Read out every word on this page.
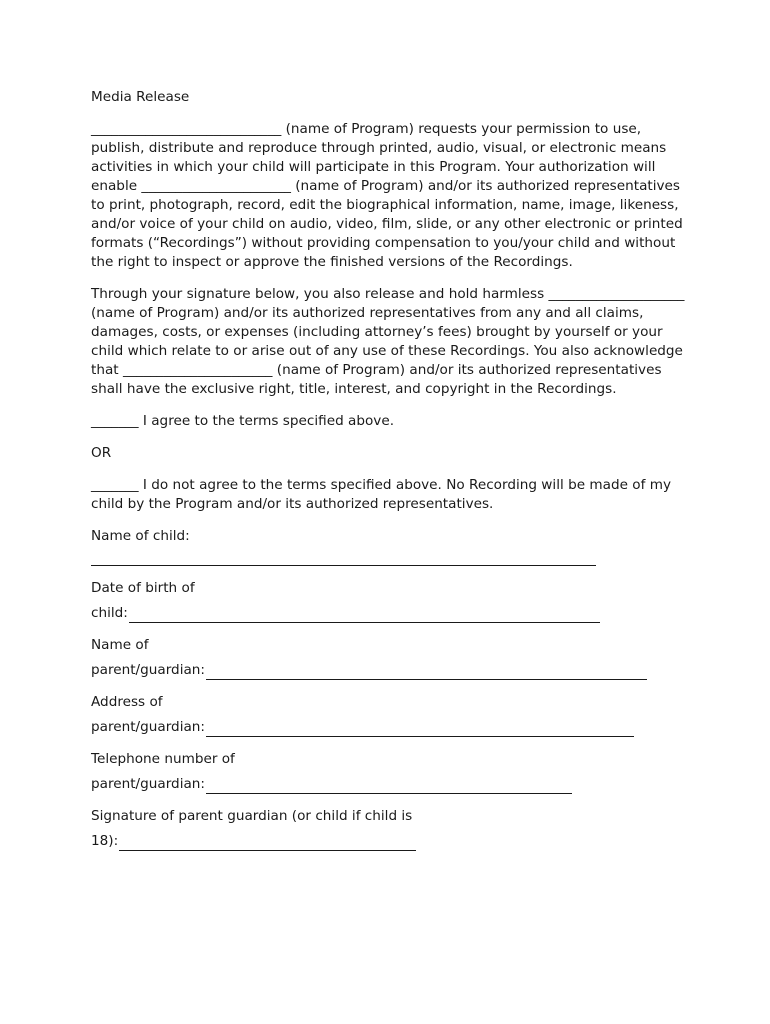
Media Release

____________________________ (name of Program) requests your permission to use, publish, distribute and reproduce through printed, audio, visual, or electronic means activities in which your child will participate in this Program. Your authorization will enable ______________________ (name of Program) and/or its authorized representatives to print, photograph, record, edit the biographical information, name, image, likeness, and/or voice of your child on audio, video, film, slide, or any other electronic or printed formats (“Recordings”) without providing compensation to you/your child and without the right to inspect or approve the finished versions of the Recordings.

Through your signature below, you also release and hold harmless ____________________ (name of Program) and/or its authorized representatives from any and all claims, damages, costs, or expenses (including attorney’s fees) brought by yourself or your child which relate to or arise out of any use of these Recordings. You also acknowledge that ______________________ (name of Program) and/or its authorized representatives shall have the exclusive right, title, interest, and copyright in the Recordings.

_______ I agree to the terms specified above.

OR

_______ I do not agree to the terms specified above. No Recording will be made of my child by the Program and/or its authorized representatives.

Name of child:
Date of birth of
child:
Name of
parent/guardian:
Address of
parent/guardian:
Telephone number of
parent/guardian:
Signature of parent guardian (or child if child is
18):
